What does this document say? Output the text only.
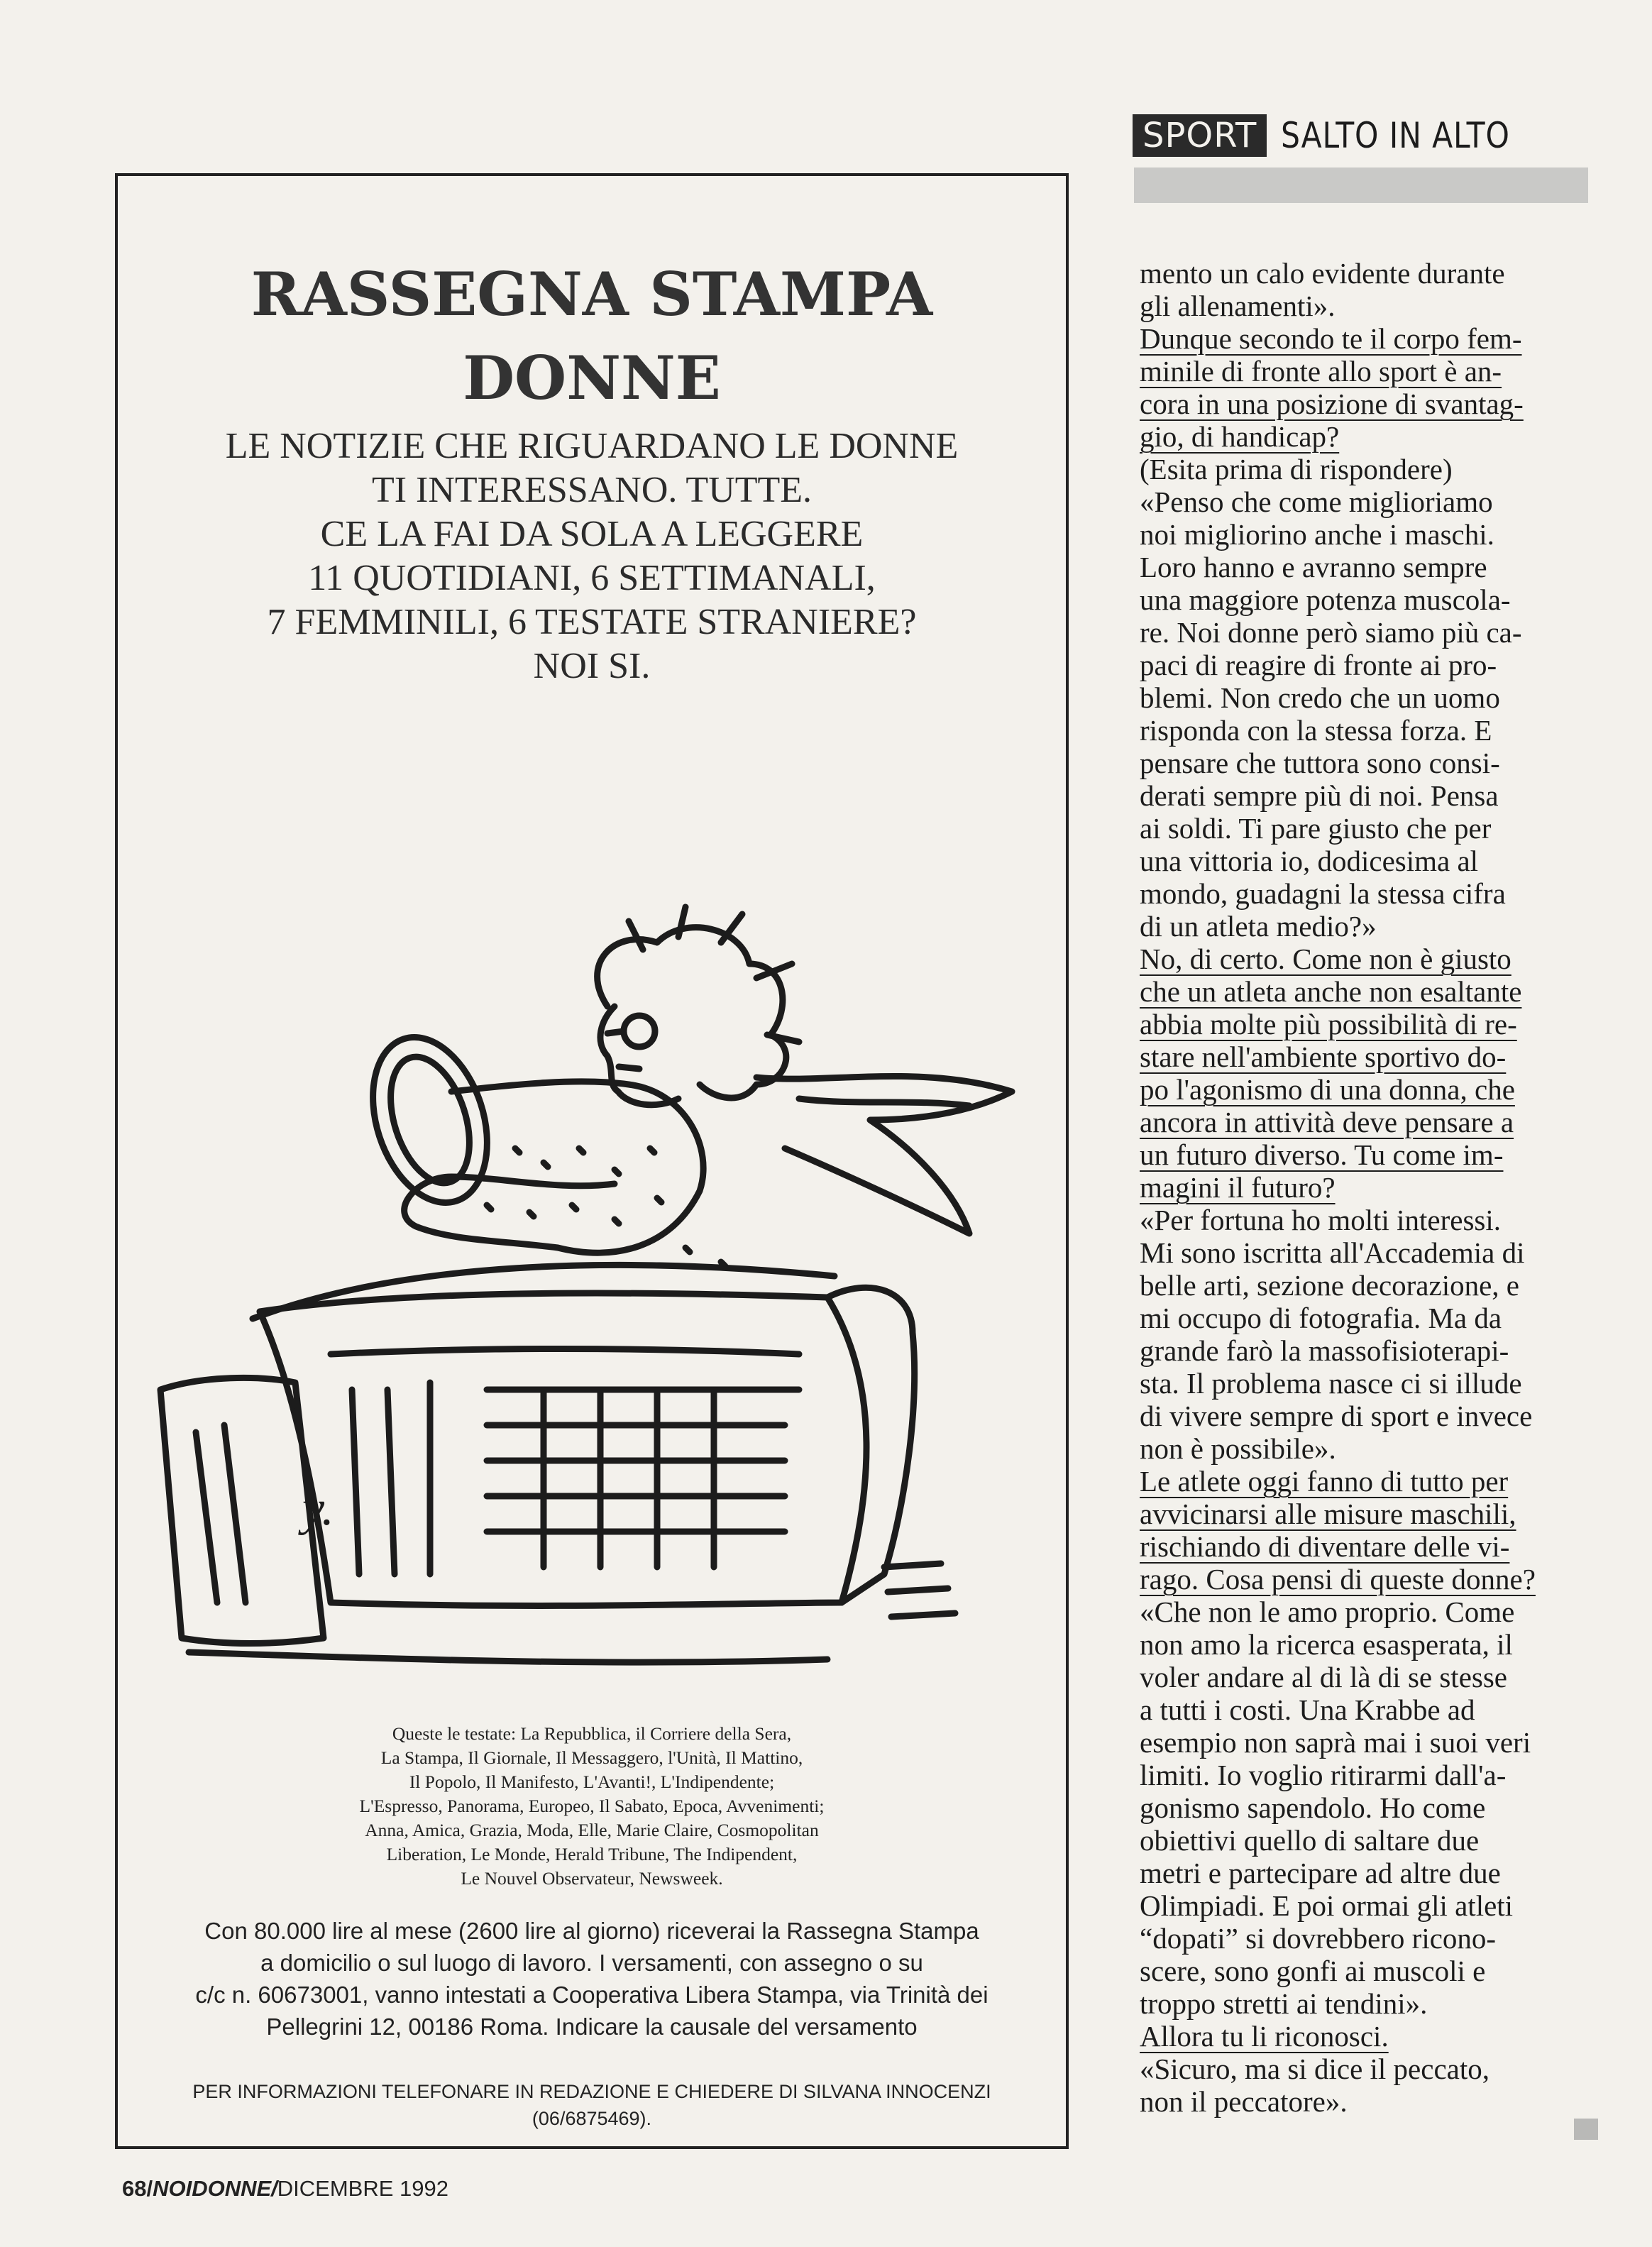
SPORT SALTO IN ALTO
RASSEGNA STAMPA
DONNE
LE NOTIZIE CHE RIGUARDANO LE DONNE
TI INTERESSANO. TUTTE.
CE LA FAI DA SOLA A LEGGERE
11 QUOTIDIANI, 6 SETTIMANALI,
7 FEMMINILI, 6 TESTATE STRANIERE?
NOI SI.
y.
Queste le testate: La Repubblica, il Corriere della Sera,
La Stampa, Il Giornale, Il Messaggero, l'Unità, Il Mattino,
Il Popolo, Il Manifesto, L'Avanti!, L'Indipendente;
L'Espresso, Panorama, Europeo, Il Sabato, Epoca, Avvenimenti;
Anna, Amica, Grazia, Moda, Elle, Marie Claire, Cosmopolitan
Liberation, Le Monde, Herald Tribune, The Indipendent,
Le Nouvel Observateur, Newsweek.
Con 80.000 lire al mese (2600 lire al giorno) riceverai la Rassegna Stampa
a domicilio o sul luogo di lavoro. I versamenti, con assegno o su
c/c n. 60673001, vanno intestati a Cooperativa Libera Stampa, via Trinità dei
Pellegrini 12, 00186 Roma. Indicare la causale del versamento
PER INFORMAZIONI TELEFONARE IN REDAZIONE E CHIEDERE DI SILVANA INNOCENZI
(06/6875469).
mento un calo evidente durante
gli allenamenti».
Dunque secondo te il corpo fem-
minile di fronte allo sport è an-
cora in una posizione di svantag-
gio, di handicap?
(Esita prima di rispondere)
«Penso che come miglioriamo
noi migliorino anche i maschi.
Loro hanno e avranno sempre
una maggiore potenza muscola-
re. Noi donne però siamo più ca-
paci di reagire di fronte ai pro-
blemi. Non credo che un uomo
risponda con la stessa forza. E
pensare che tuttora sono consi-
derati sempre più di noi. Pensa
ai soldi. Ti pare giusto che per
una vittoria io, dodicesima al
mondo, guadagni la stessa cifra
di un atleta medio?»
No, di certo. Come non è giusto
che un atleta anche non esaltante
abbia molte più possibilità di re-
stare nell'ambiente sportivo do-
po l'agonismo di una donna, che
ancora in attività deve pensare a
un futuro diverso. Tu come im-
magini il futuro?
«Per fortuna ho molti interessi.
Mi sono iscritta all'Accademia di
belle arti, sezione decorazione, e
mi occupo di fotografia. Ma da
grande farò la massofisioterapi-
sta. Il problema nasce ci si illude
di vivere sempre di sport e invece
non è possibile».
Le atlete oggi fanno di tutto per
avvicinarsi alle misure maschili,
rischiando di diventare delle vi-
rago. Cosa pensi di queste donne?
«Che non le amo proprio. Come
non amo la ricerca esasperata, il
voler andare al di là di se stesse
a tutti i costi. Una Krabbe ad
esempio non saprà mai i suoi veri
limiti. Io voglio ritirarmi dall'a-
gonismo sapendolo. Ho come
obiettivi quello di saltare due
metri e partecipare ad altre due
Olimpiadi. E poi ormai gli atleti
“dopati” si dovrebbero ricono-
scere, sono gonfi ai muscoli e
troppo stretti ai tendini».
Allora tu li riconosci.
«Sicuro, ma si dice il peccato,
non il peccatore».
68/NOIDONNE/DICEMBRE 1992
